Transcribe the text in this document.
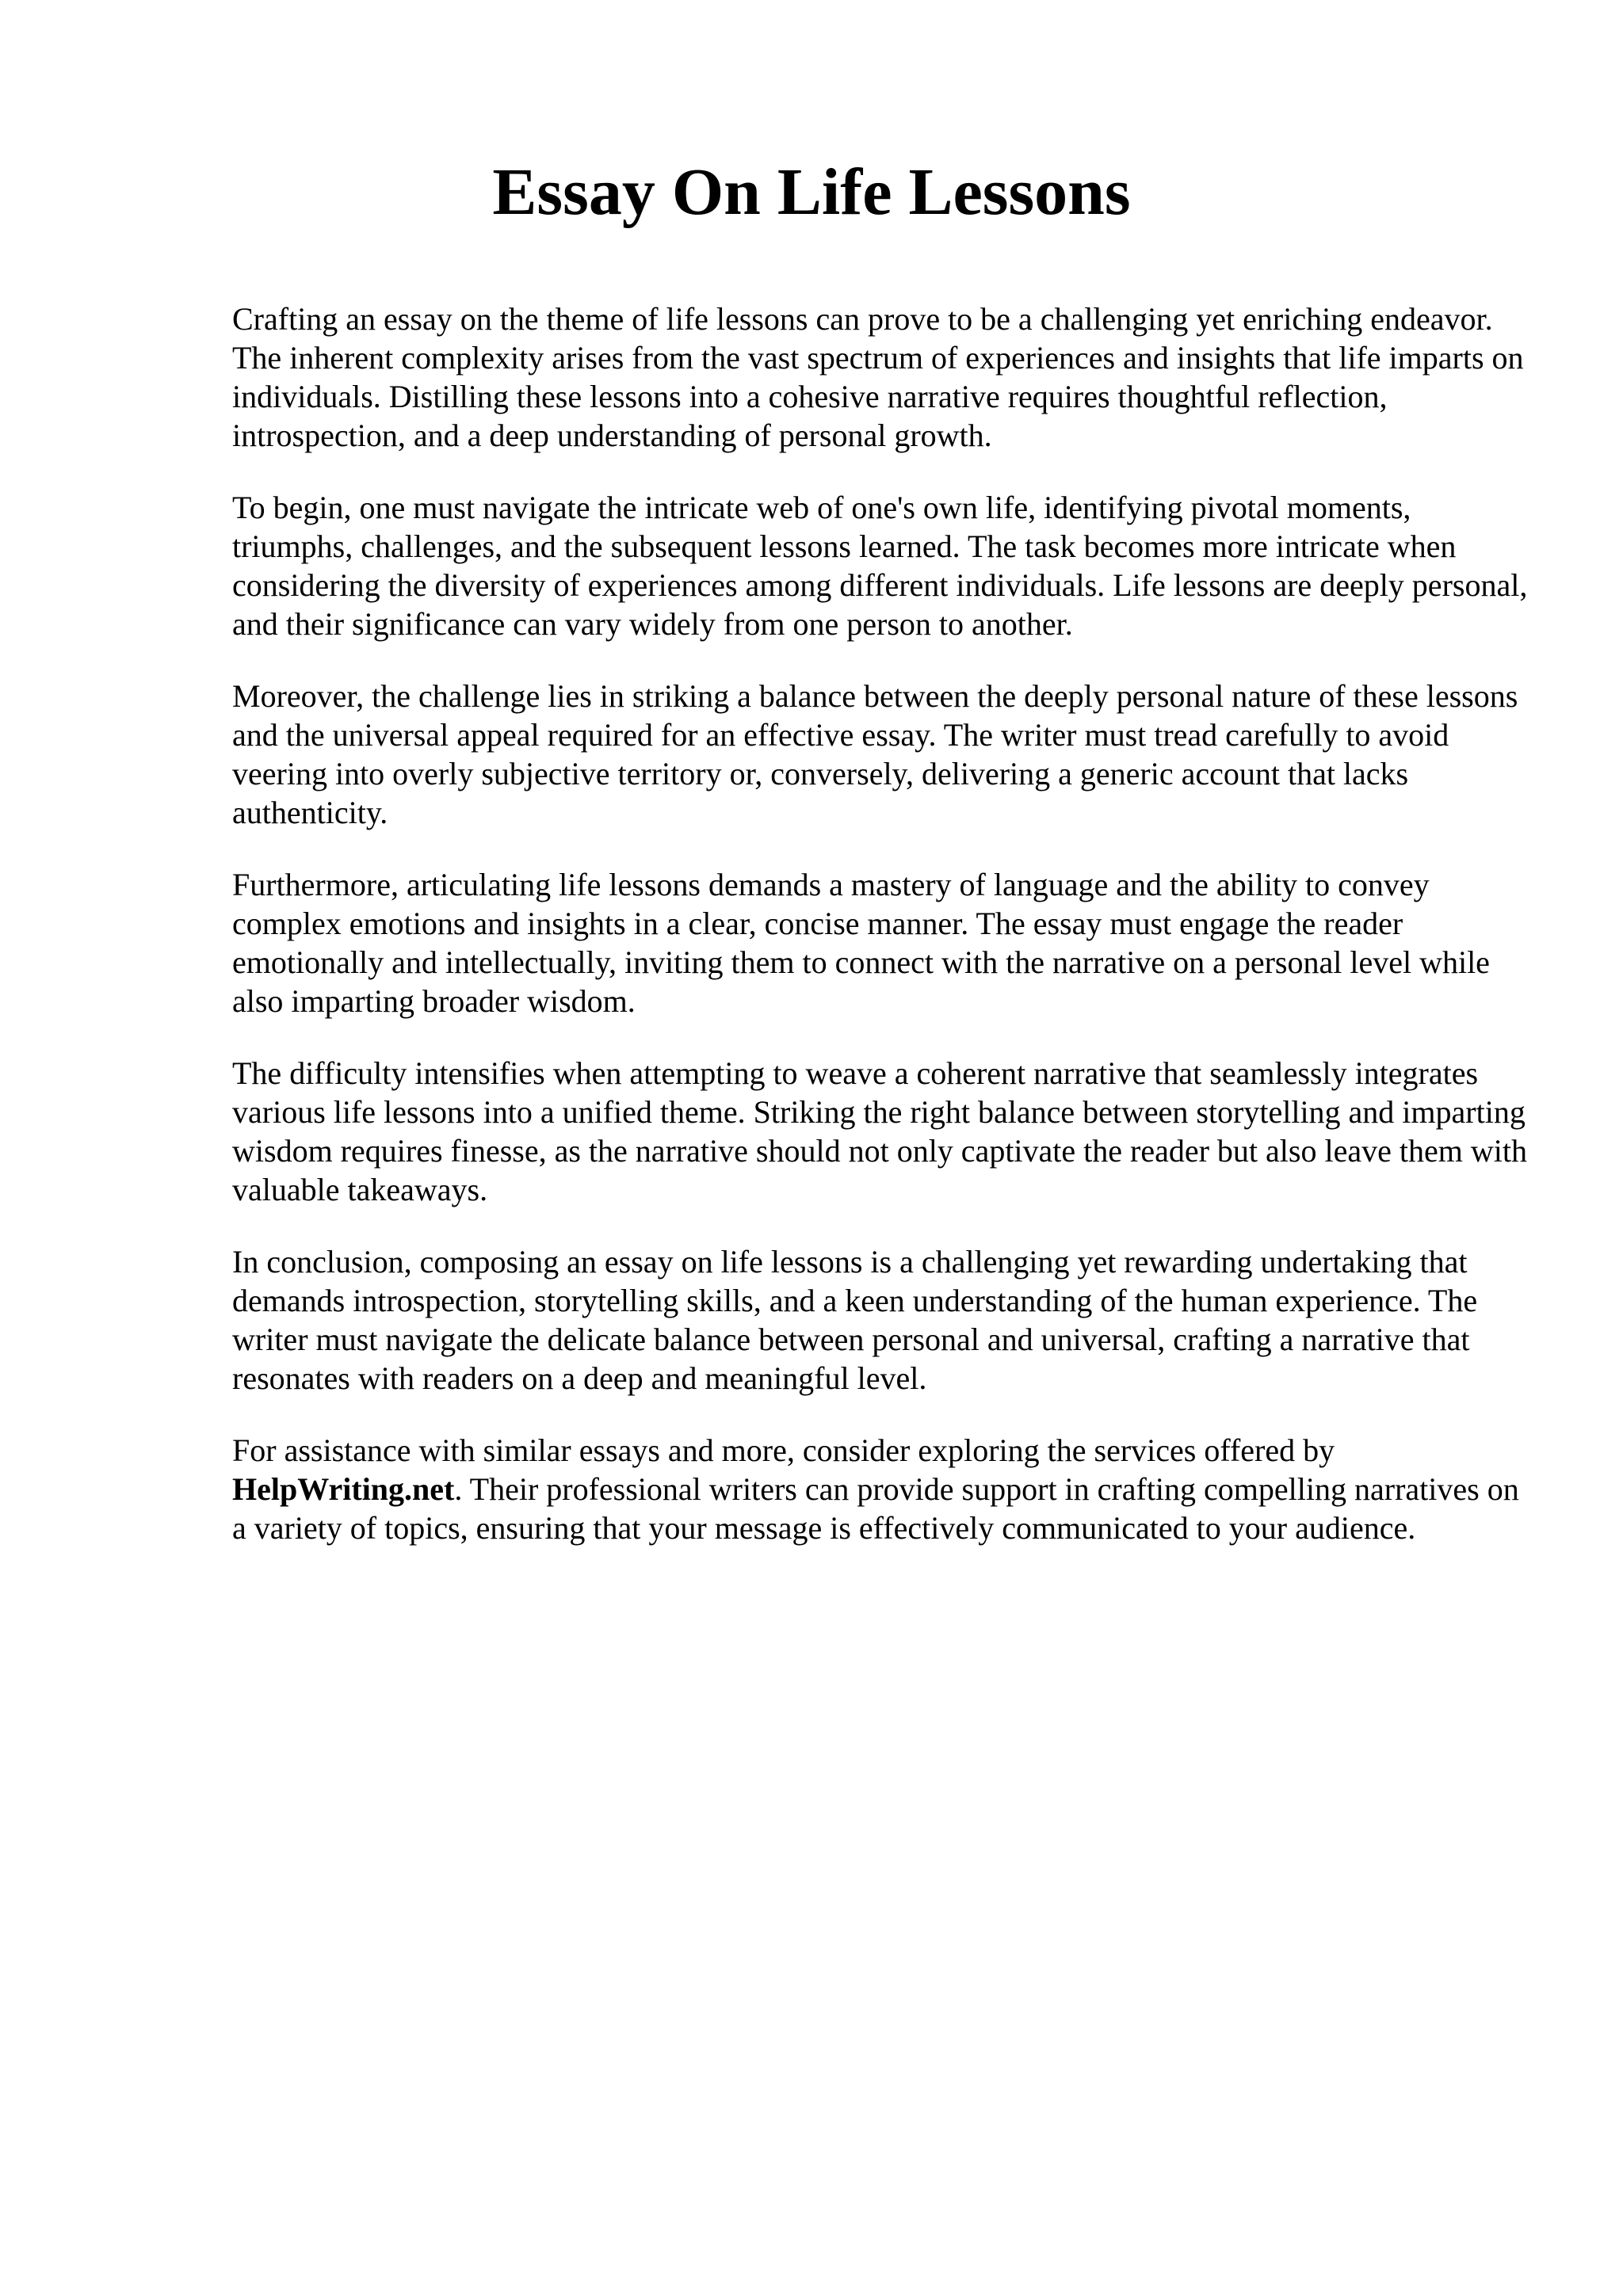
Essay On Life Lessons

Crafting an essay on the theme of life lessons can prove to be a challenging yet enriching endeavor. The inherent complexity arises from the vast spectrum of experiences and insights that life imparts on individuals. Distilling these lessons into a cohesive narrative requires thoughtful reflection, introspection, and a deep understanding of personal growth.

To begin, one must navigate the intricate web of one's own life, identifying pivotal moments, triumphs, challenges, and the subsequent lessons learned. The task becomes more intricate when considering the diversity of experiences among different individuals. Life lessons are deeply personal, and their significance can vary widely from one person to another.

Moreover, the challenge lies in striking a balance between the deeply personal nature of these lessons and the universal appeal required for an effective essay. The writer must tread carefully to avoid veering into overly subjective territory or, conversely, delivering a generic account that lacks authenticity.

Furthermore, articulating life lessons demands a mastery of language and the ability to convey complex emotions and insights in a clear, concise manner. The essay must engage the reader emotionally and intellectually, inviting them to connect with the narrative on a personal level while also imparting broader wisdom.

The difficulty intensifies when attempting to weave a coherent narrative that seamlessly integrates various life lessons into a unified theme. Striking the right balance between storytelling and imparting wisdom requires finesse, as the narrative should not only captivate the reader but also leave them with valuable takeaways.

In conclusion, composing an essay on life lessons is a challenging yet rewarding undertaking that demands introspection, storytelling skills, and a keen understanding of the human experience. The writer must navigate the delicate balance between personal and universal, crafting a narrative that resonates with readers on a deep and meaningful level.

For assistance with similar essays and more, consider exploring the services offered by HelpWriting.net. Their professional writers can provide support in crafting compelling narratives on a variety of topics, ensuring that your message is effectively communicated to your audience.
